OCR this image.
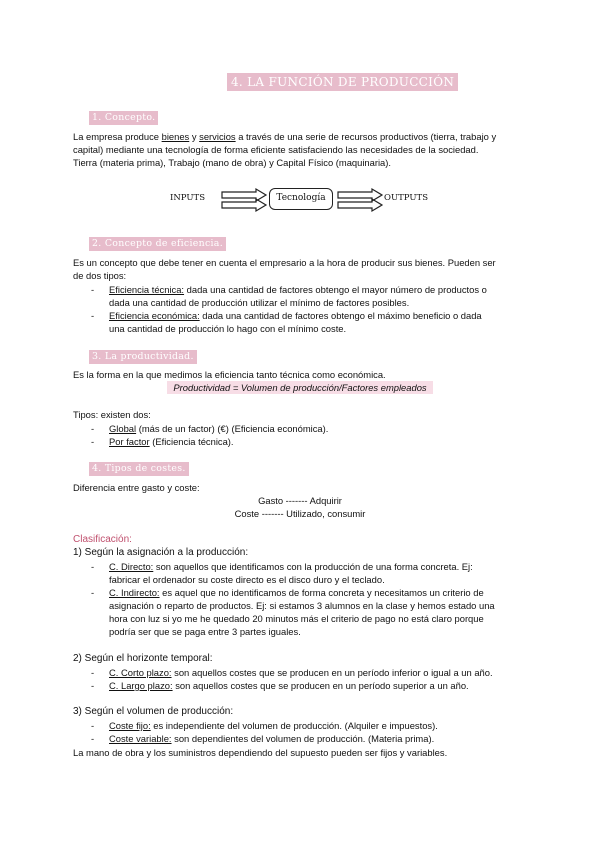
4. LA FUNCIÓN DE PRODUCCIÓN
1. Concepto.
La empresa produce bienes y servicios a través de una serie de recursos productivos (tierra, trabajo y
capital) mediante una tecnología de forma eficiente satisfaciendo las necesidades de la sociedad.
Tierra (materia prima), Trabajo (mano de obra) y Capital Físico (maquinaria).
INPUTS	Tecnología	OUTPUTS
2. Concepto de eficiencia.
Es un concepto que debe tener en cuenta el empresario a la hora de producir sus bienes. Pueden ser
de dos tipos:
- Eficiencia técnica: dada una cantidad de factores obtengo el mayor número de productos o
dada una cantidad de producción utilizar el mínimo de factores posibles.
- Eficiencia económica: dada una cantidad de factores obtengo el máximo beneficio o dada
una cantidad de producción lo hago con el mínimo coste.
3. La productividad.
Es la forma en la que medimos la eficiencia tanto técnica como económica.
Productividad = Volumen de producción/Factores empleados
Tipos: existen dos:
- Global (más de un factor) (€) (Eficiencia económica).
- Por factor (Eficiencia técnica).
4. Tipos de costes.
Diferencia entre gasto y coste:
Gasto ------- Adquirir
Coste ------- Utilizado, consumir
Clasificación:
1) Según la asignación a la producción:
- C. Directo: son aquellos que identificamos con la producción de una forma concreta. Ej:
fabricar el ordenador su coste directo es el disco duro y el teclado.
- C. Indirecto: es aquel que no identificamos de forma concreta y necesitamos un criterio de
asignación o reparto de productos. Ej: si estamos 3 alumnos en la clase y hemos estado una
hora con luz si yo me he quedado 20 minutos más el criterio de pago no está claro porque
podría ser que se paga entre 3 partes iguales.
2) Según el horizonte temporal:
- C. Corto plazo: son aquellos costes que se producen en un período inferior o igual a un año.
- C. Largo plazo: son aquellos costes que se producen en un período superior a un año.
3) Según el volumen de producción:
- Coste fijo: es independiente del volumen de producción. (Alquiler e impuestos).
- Coste variable: son dependientes del volumen de producción. (Materia prima).
La mano de obra y los suministros dependiendo del supuesto pueden ser fijos y variables.
